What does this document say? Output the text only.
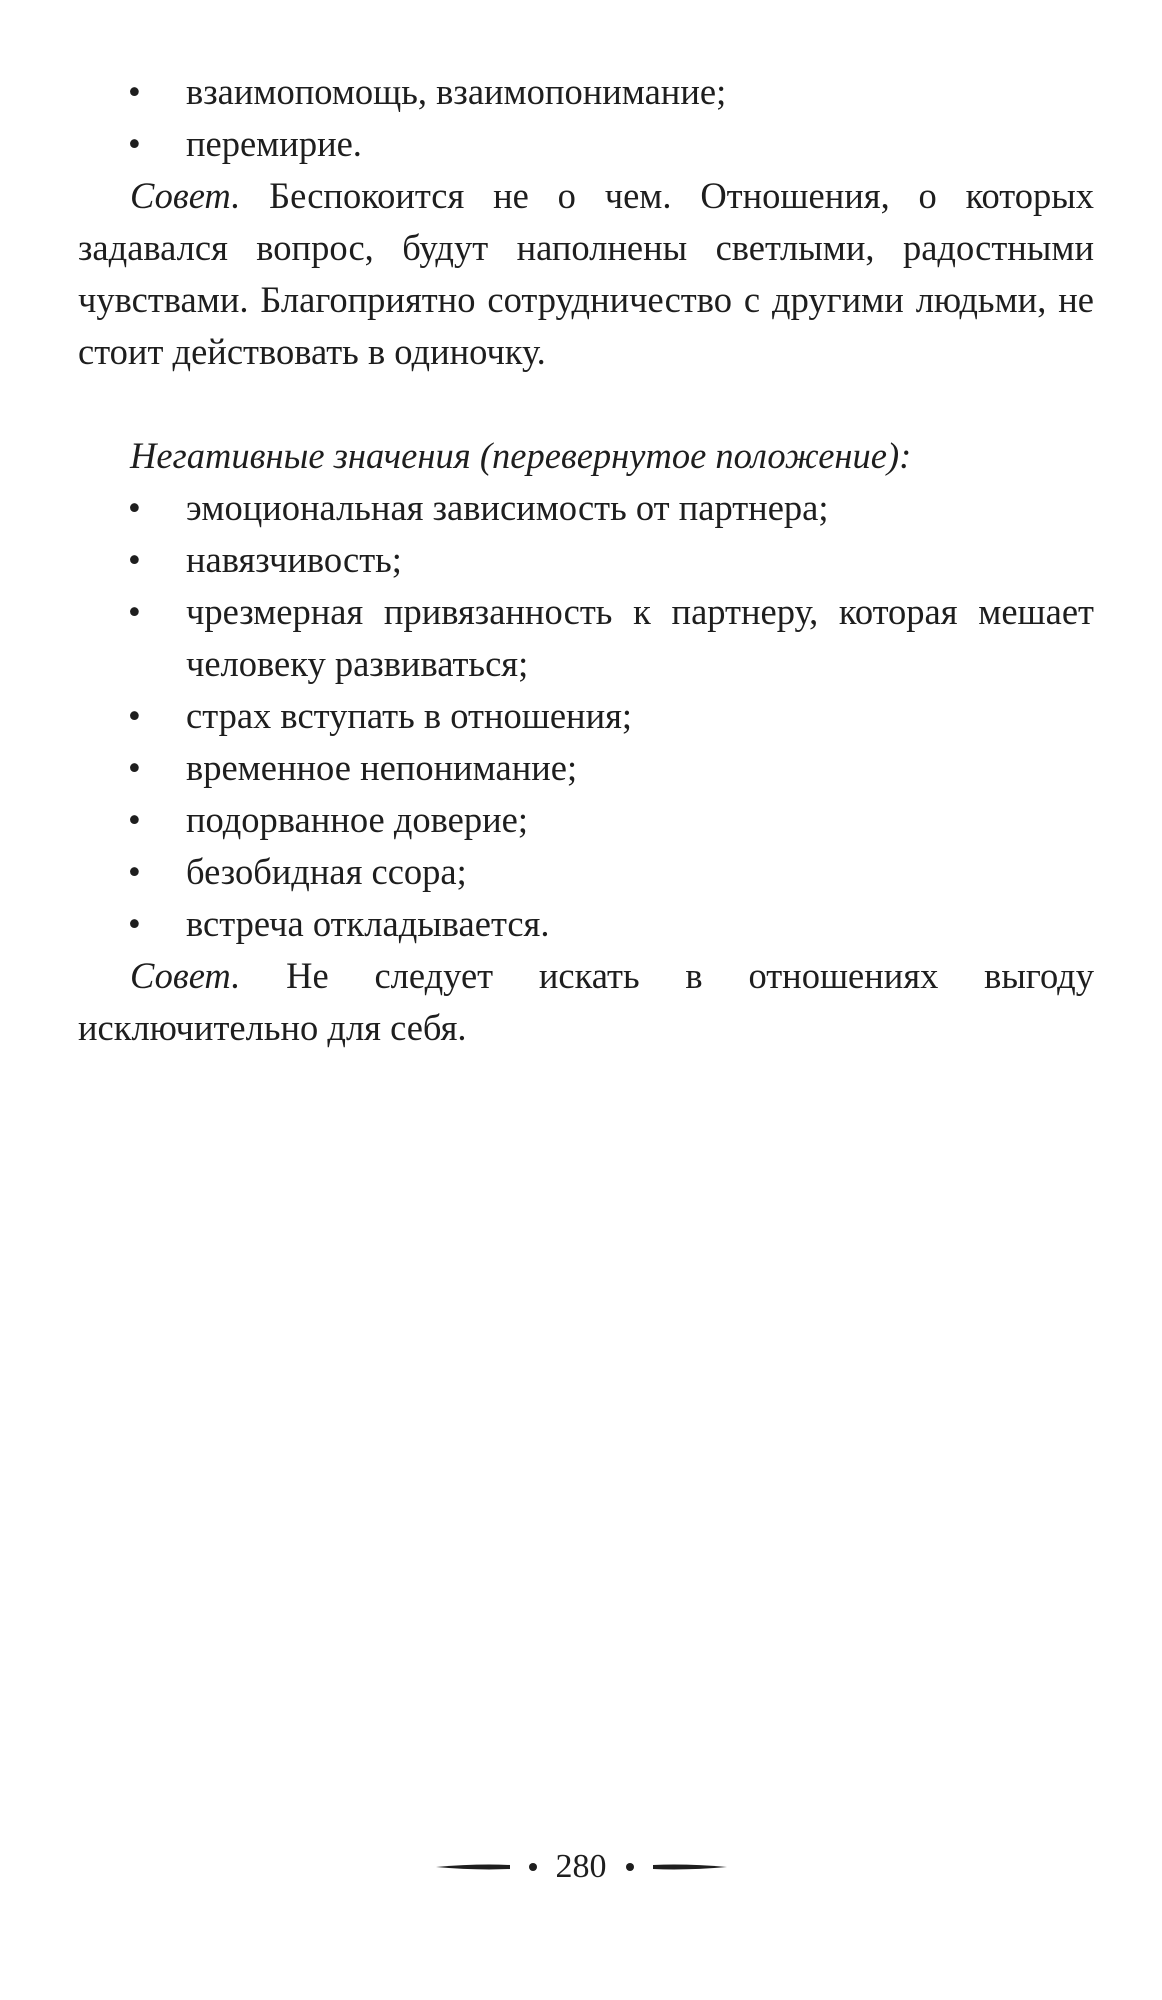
• взаимопомощь, взаимопонимание;
• перемирие.

Совет. Беспокоится не о чем. Отношения, о которых задавался вопрос, будут наполнены светлыми, радостными чувствами. Благоприятно сотрудничество с другими людьми, не стоит действовать в одиночку.

Негативные значения (перевернутое положение):

• эмоциональная зависимость от партнера;
• навязчивость;
• чрезмерная привязанность к партнеру, которая мешает человеку развиваться;
• страх вступать в отношения;
• временное непонимание;
• подорванное доверие;
• безобидная ссора;
• встреча откладывается.

Совет. Не следует искать в отношениях выгоду исключительно для себя.

280
